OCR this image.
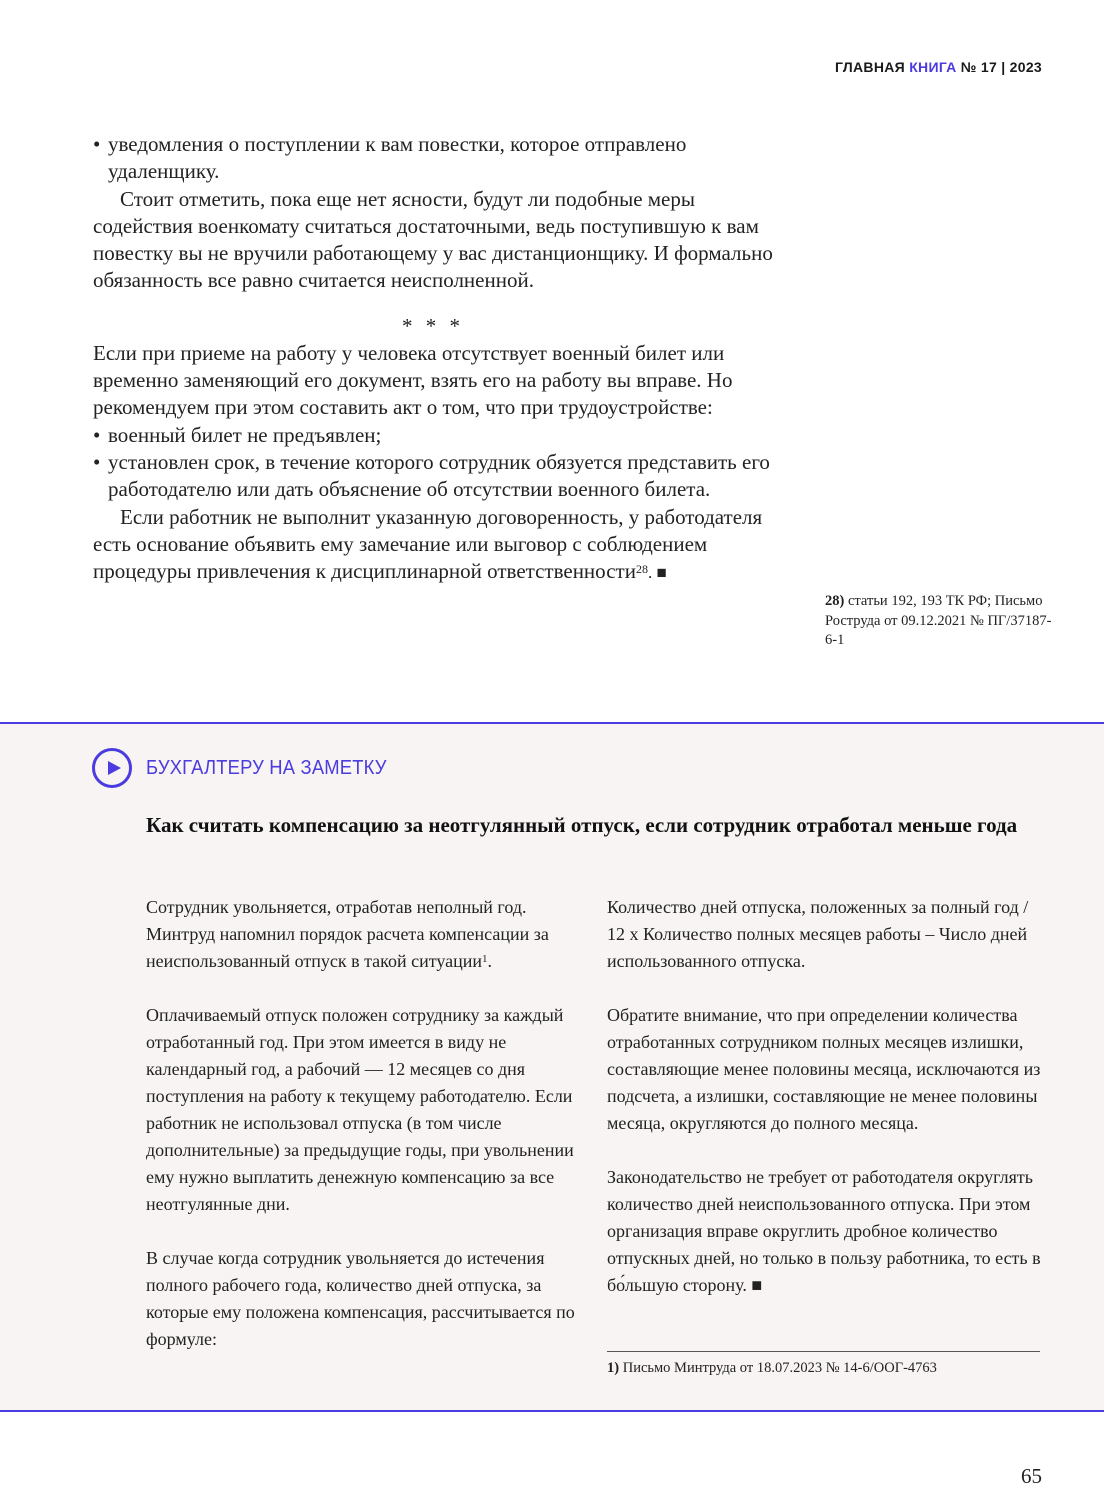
ГЛАВНАЯ КНИГА № 17 | 2023
• уведомления о поступлении к вам повестки, которое отправлено удаленщику.

Стоит отметить, пока еще нет ясности, будут ли подобные меры содействия военкомату считаться достаточными, ведь поступившую к вам повестку вы не вручили работающему у вас дистанционщику. И формально обязанность все равно считается неисполненной.

* * *

Если при приеме на работу у человека отсутствует военный билет или временно заменяющий его документ, взять его на работу вы вправе. Но рекомендуем при этом составить акт о том, что при трудоустройстве:

• военный билет не предъявлен;
• установлен срок, в течение которого сотрудник обязуется представить его работодателю или дать объяснение об отсутствии военного билета.

Если работник не выполнит указанную договоренность, у работодателя есть основание объявить ему замечание или выговор с соблюдением процедуры привлечения к дисциплинарной ответственности$^{28}$. ■

28) статьи 192, 193 ТК РФ; Письмо Роструда от 09.12.2021 № ПГ/37187-6-1
БУХГАЛТЕРУ НА ЗАМЕТКУ
Как считать компенсацию за неотгулянный отпуск, если сотрудник отработал меньше года

Сотрудник увольняется, отработав неполный год. Минтруд напомнил порядок расчета компенсации за неиспользованный отпуск в такой ситуации$^1$.

Оплачиваемый отпуск положен сотруднику за каждый отработанный год. При этом имеется в виду не календарный год, а рабочий — 12 месяцев со дня поступления на работу к текущему работодателю. Если работник не использовал отпуска (в том числе дополнительные) за предыдущие годы, при увольнении ему нужно выплатить денежную компенсацию за все неотгулянные дни.

В случае когда сотрудник увольняется до истечения полного рабочего года, количество дней отпуска, за которые ему положена компенсация, рассчитывается по формуле:

Количество дней отпуска, положенных за полный год / 12 х Количество полных месяцев работы – Число дней использованного отпуска.

Обратите внимание, что при определении количества отработанных сотрудником полных месяцев излишки, составляющие менее половины месяца, исключаются из подсчета, а излишки, составляющие не менее половины месяца, округляются до полного месяца.

Законодательство не требует от работодателя округлять количество дней неиспользованного отпуска. При этом организация вправе округлить дробное количество отпускных дней, но только в пользу работника, то есть в бо́льшую сторону. ■

1) Письмо Минтруда от 18.07.2023 № 14-6/ООГ-4763
65
